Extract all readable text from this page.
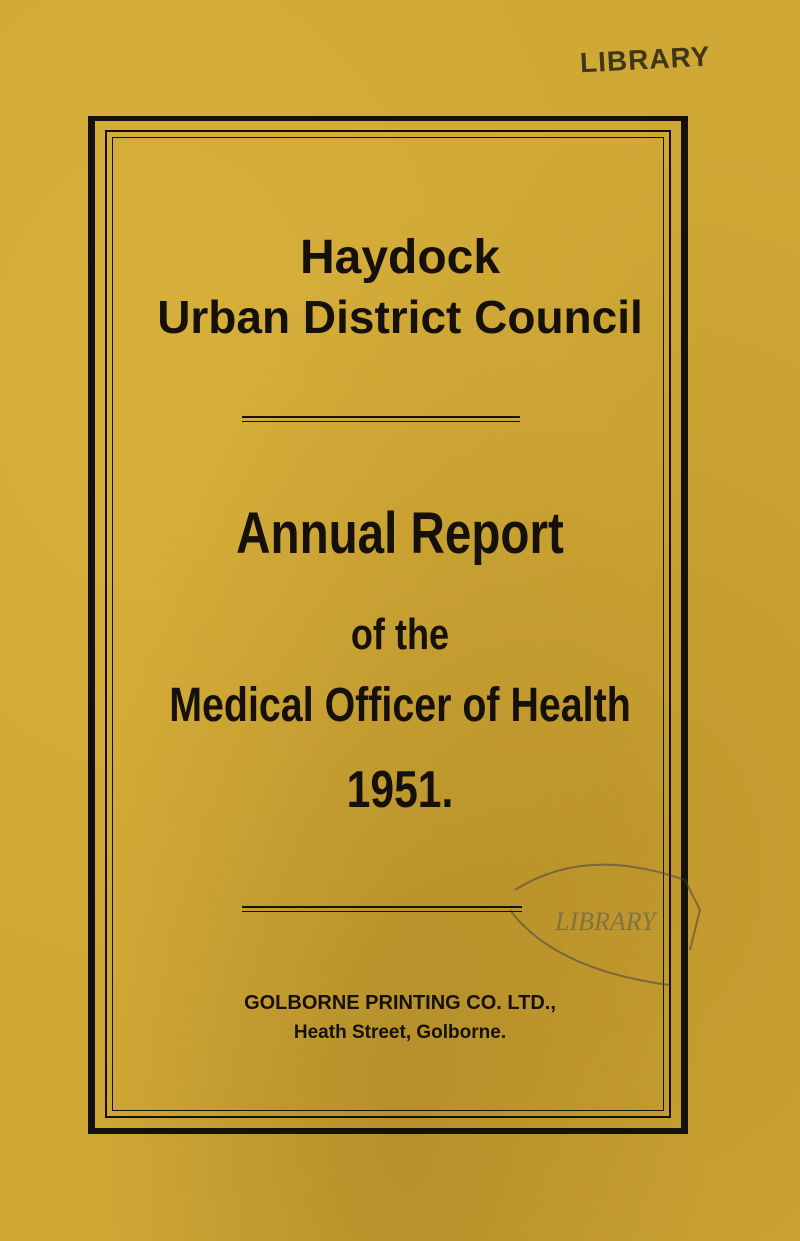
LIBRARY
Haydock
Urban District Council
Annual Report
of the
Medical Officer of Health
1951.
LIBRARY
GOLBORNE PRINTING CO. LTD.,
Heath Street, Golborne.
